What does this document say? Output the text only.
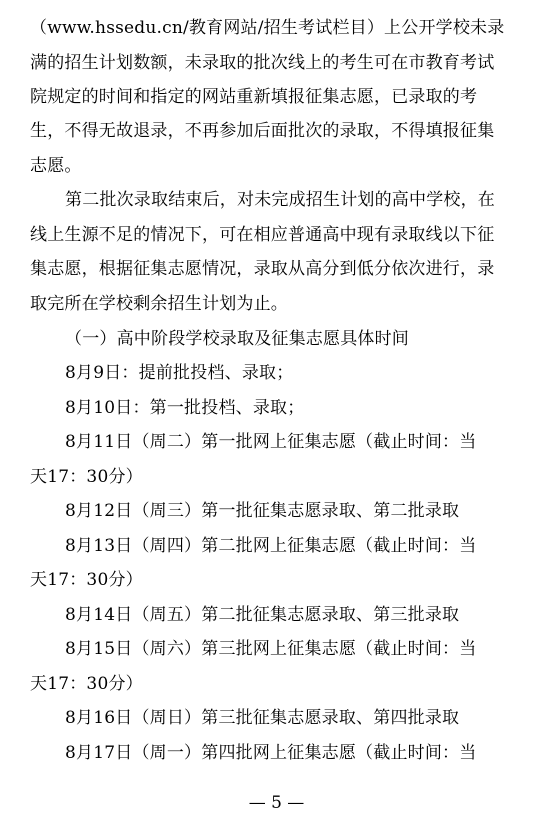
（www.hssedu.cn/教育网站/招生考试栏目）上公开学校未录
满的招生计划数额，未录取的批次线上的考生可在市教育考试
院规定的时间和指定的网站重新填报征集志愿，已录取的考
生，不得无故退录，不再参加后面批次的录取，不得填报征集
志愿。
第二批次录取结束后，对未完成招生计划的高中学校，在
线上生源不足的情况下，可在相应普通高中现有录取线以下征
集志愿，根据征集志愿情况，录取从高分到低分依次进行，录
取完所在学校剩余招生计划为止。
（一）高中阶段学校录取及征集志愿具体时间
8月9日：提前批投档、录取；
8月10日：第一批投档、录取；
8月11日（周二）第一批网上征集志愿（截止时间：当
天17：30分）
8月12日（周三）第一批征集志愿录取、第二批录取
8月13日（周四）第二批网上征集志愿（截止时间：当
天17：30分）
8月14日（周五）第二批征集志愿录取、第三批录取
8月15日（周六）第三批网上征集志愿（截止时间：当
天17：30分）
8月16日（周日）第三批征集志愿录取、第四批录取
8月17日（周一）第四批网上征集志愿（截止时间：当
— 5 —
